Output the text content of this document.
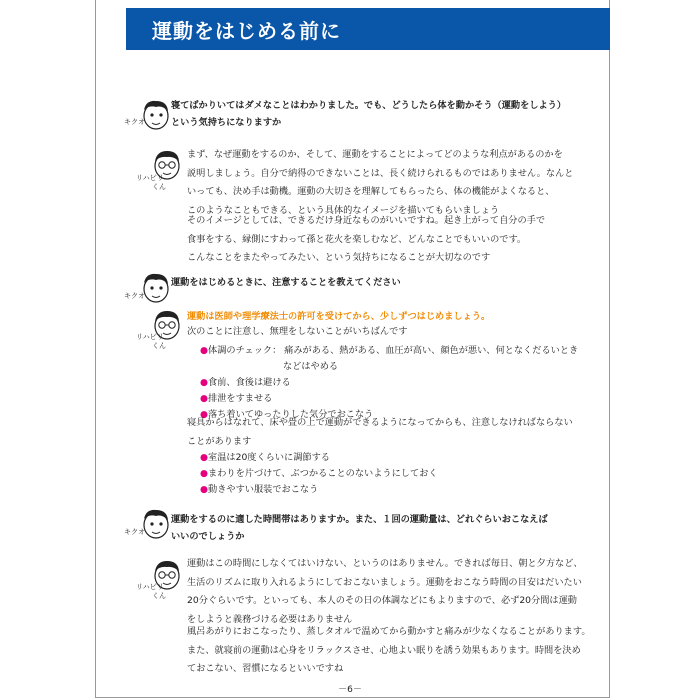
運動をはじめる前に
キクオ
リハビリ
くん
キクオ
リハビリ
くん
キクオ
リハビリ
くん
寝てばかりいてはダメなことはわかりました。でも、どうしたら体を動かそう（運動をしよう）
という気持ちになりますか
まず、なぜ運動をするのか、そして、運動をすることによってどのような利点があるのかを
説明しましょう。自分で納得のできないことは、長く続けられるものではありません。なんと
いっても、決め手は動機。運動の大切さを理解してもらったら、体の機能がよくなると、
このようなこともできる、という具体的なイメージを描いてもらいましょう
そのイメージとしては、できるだけ身近なものがいいですね。起き上がって自分の手で
食事をする、縁側にすわって孫と花火を楽しむなど、どんなことでもいいのです。
こんなことをまたやってみたい、という気持ちになることが大切なのです
運動をはじめるときに、注意することを教えてください
運動は医師や理学療法士の許可を受けてから、少しずつはじめましょう。
次のことに注意し、無理をしないことがいちばんです
●体調のチェック： 痛みがある、熱がある、血圧が高い、顔色が悪い、何となくだるいとき
などはやめる
●食前、食後は避ける
●排泄をすませる
●落ち着いてゆったりした気分でおこなう
寝具からはなれて、床や畳の上で運動ができるようになってからも、注意しなければならない
ことがあります
●室温は20度くらいに調節する
●まわりを片づけて、ぶつかることのないようにしておく
●動きやすい服装でおこなう
運動をするのに適した時間帯はありますか。また、１回の運動量は、どれぐらいおこなえば
いいのでしょうか
運動はこの時間にしなくてはいけない、というのはありません。できれば毎日、朝と夕方など、
生活のリズムに取り入れるようにしておこないましょう。運動をおこなう時間の目安はだいたい
20分ぐらいです。といっても、本人のその日の体調などにもよりますので、必ず20分間は運動
をしようと義務づける必要はありません
風呂あがりにおこなったり、蒸しタオルで温めてから動かすと痛みが少なくなることがあります。
また、就寝前の運動は心身をリラックスさせ、心地よい眠りを誘う効果もあります。時間を決め
ておこない、習慣になるといいですね
－6－
